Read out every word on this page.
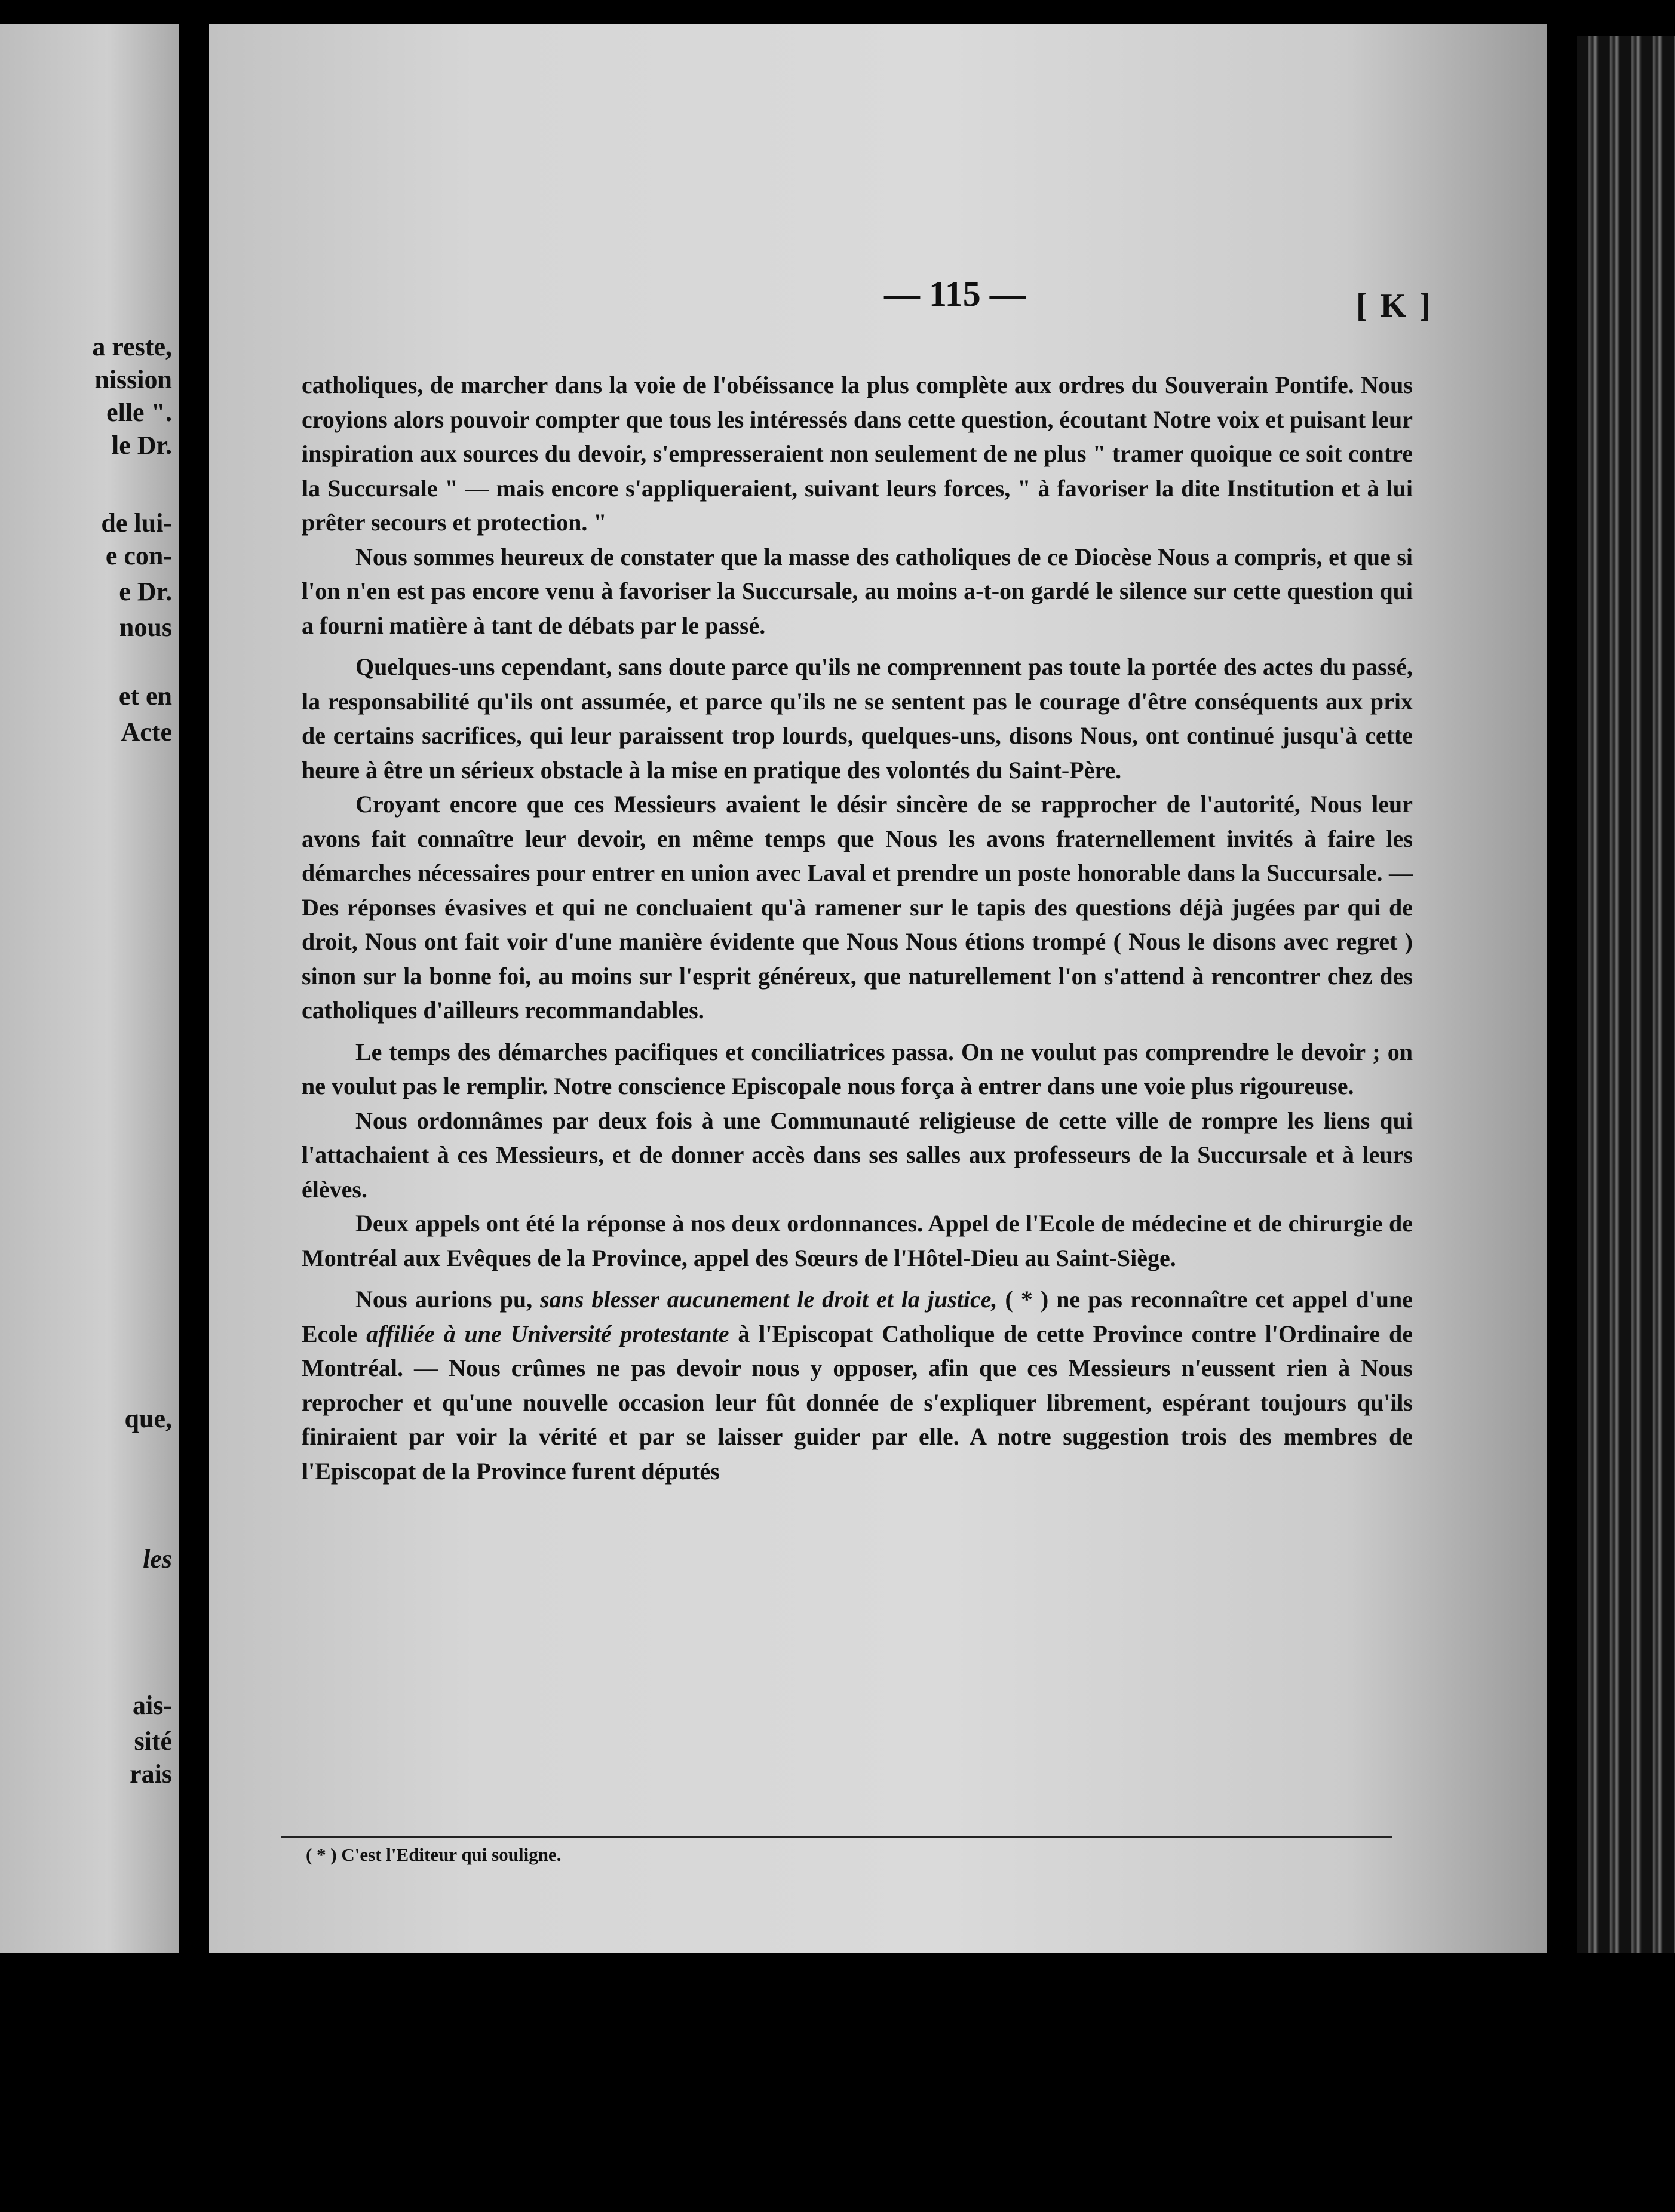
a reste,
nission
elle ".
le Dr.
de lui-
e con-
e Dr.
nous
et en
Acte
que,
les
ais-
sité
rais
— 115 —	[ K ]

catholiques, de marcher dans la voie de l'obéissance la plus complète aux ordres du Souverain Pontife. Nous croyions alors pouvoir compter que tous les intéressés dans cette question, écoutant Notre voix et puisant leur inspiration aux sources du devoir, s'empresseraient non seulement de ne plus " tramer quoique ce soit contre la Succursale " — mais encore s'appliqueraient, suivant leurs forces, " à favoriser la dite Institution et à lui prêter secours et protection. "

Nous sommes heureux de constater que la masse des catholiques de ce Diocèse Nous a compris, et que si l'on n'en est pas encore venu à favoriser la Succursale, au moins a-t-on gardé le silence sur cette question qui a fourni matière à tant de débats par le passé.

Quelques-uns cependant, sans doute parce qu'ils ne comprennent pas toute la portée des actes du passé, la responsabilité qu'ils ont assumée, et parce qu'ils ne se sentent pas le courage d'être conséquents aux prix de certains sacrifices, qui leur paraissent trop lourds, quelques-uns, disons Nous, ont continué jusqu'à cette heure à être un sérieux obstacle à la mise en pratique des volontés du Saint-Père.

Croyant encore que ces Messieurs avaient le désir sincère de se rapprocher de l'autorité, Nous leur avons fait connaître leur devoir, en même temps que Nous les avons fraternellement invités à faire les démarches nécessaires pour entrer en union avec Laval et prendre un poste honorable dans la Succursale. —Des réponses évasives et qui ne concluaient qu'à ramener sur le tapis des questions déjà jugées par qui de droit, Nous ont fait voir d'une manière évidente que Nous Nous étions trompé ( Nous le disons avec regret ) sinon sur la bonne foi, au moins sur l'esprit généreux, que naturellement l'on s'attend à rencontrer chez des catholiques d'ailleurs recommandables.

Le temps des démarches pacifiques et conciliatrices passa. On ne voulut pas comprendre le devoir ; on ne voulut pas le remplir. Notre conscience Episcopale nous força à entrer dans une voie plus rigoureuse.

Nous ordonnâmes par deux fois à une Communauté religieuse de cette ville de rompre les liens qui l'attachaient à ces Messieurs, et de donner accès dans ses salles aux professeurs de la Succursale et à leurs élèves.

Deux appels ont été la réponse à nos deux ordonnances. Appel de l'Ecole de médecine et de chirurgie de Montréal aux Evêques de la Province, appel des Sœurs de l'Hôtel-Dieu au Saint-Siège.

Nous aurions pu, sans blesser aucunement le droit et la justice, ( * ) ne pas reconnaître cet appel d'une Ecole affiliée à une Université protestante à l'Episcopat Catholique de cette Province contre l'Ordinaire de Montréal. — Nous crûmes ne pas devoir nous y opposer, afin que ces Messieurs n'eussent rien à Nous reprocher et qu'une nouvelle occasion leur fût donnée de s'expliquer librement, espérant toujours qu'ils finiraient par voir la vérité et par se laisser guider par elle. A notre suggestion trois des membres de l'Episcopat de la Province furent députés

( * ) C'est l'Editeur qui souligne.
